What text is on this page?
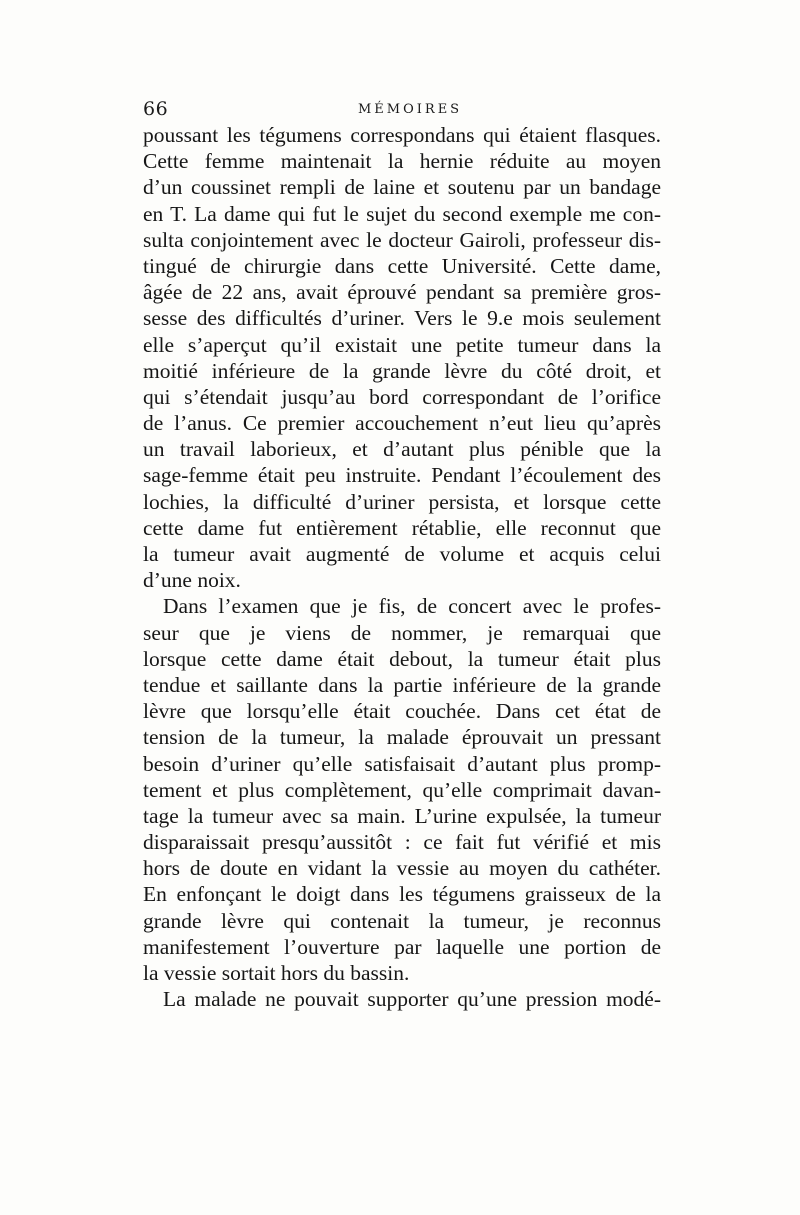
66	MÉMOIRES
poussant les tégumens correspondans qui étaient flasques.
Cette femme maintenait la hernie réduite au moyen
d’un coussinet rempli de laine et soutenu par un bandage
en T. La dame qui fut le sujet du second exemple me con-
sulta conjointement avec le docteur Gairoli, professeur dis-
tingué de chirurgie dans cette Université. Cette dame,
âgée de 22 ans, avait éprouvé pendant sa première gros-
sesse des difficultés d’uriner. Vers le 9.e mois seulement
elle s’aperçut qu’il existait une petite tumeur dans la
moitié inférieure de la grande lèvre du côté droit, et
qui s’étendait jusqu’au bord correspondant de l’orifice
de l’anus. Ce premier accouchement n’eut lieu qu’après
un travail laborieux, et d’autant plus pénible que la
sage-femme était peu instruite. Pendant l’écoulement des
lochies, la difficulté d’uriner persista, et lorsque cette
cette dame fut entièrement rétablie, elle reconnut que
la tumeur avait augmenté de volume et acquis celui
d’une noix.
Dans l’examen que je fis, de concert avec le profes-
seur que je viens de nommer, je remarquai que
lorsque cette dame était debout, la tumeur était plus
tendue et saillante dans la partie inférieure de la grande
lèvre que lorsqu’elle était couchée. Dans cet état de
tension de la tumeur, la malade éprouvait un pressant
besoin d’uriner qu’elle satisfaisait d’autant plus promp-
tement et plus complètement, qu’elle comprimait davan-
tage la tumeur avec sa main. L’urine expulsée, la tumeur
disparaissait presqu’aussitôt : ce fait fut vérifié et mis
hors de doute en vidant la vessie au moyen du cathéter.
En enfonçant le doigt dans les tégumens graisseux de la
grande lèvre qui contenait la tumeur, je reconnus
manifestement l’ouverture par laquelle une portion de
la vessie sortait hors du bassin.
La malade ne pouvait supporter qu’une pression modé-
